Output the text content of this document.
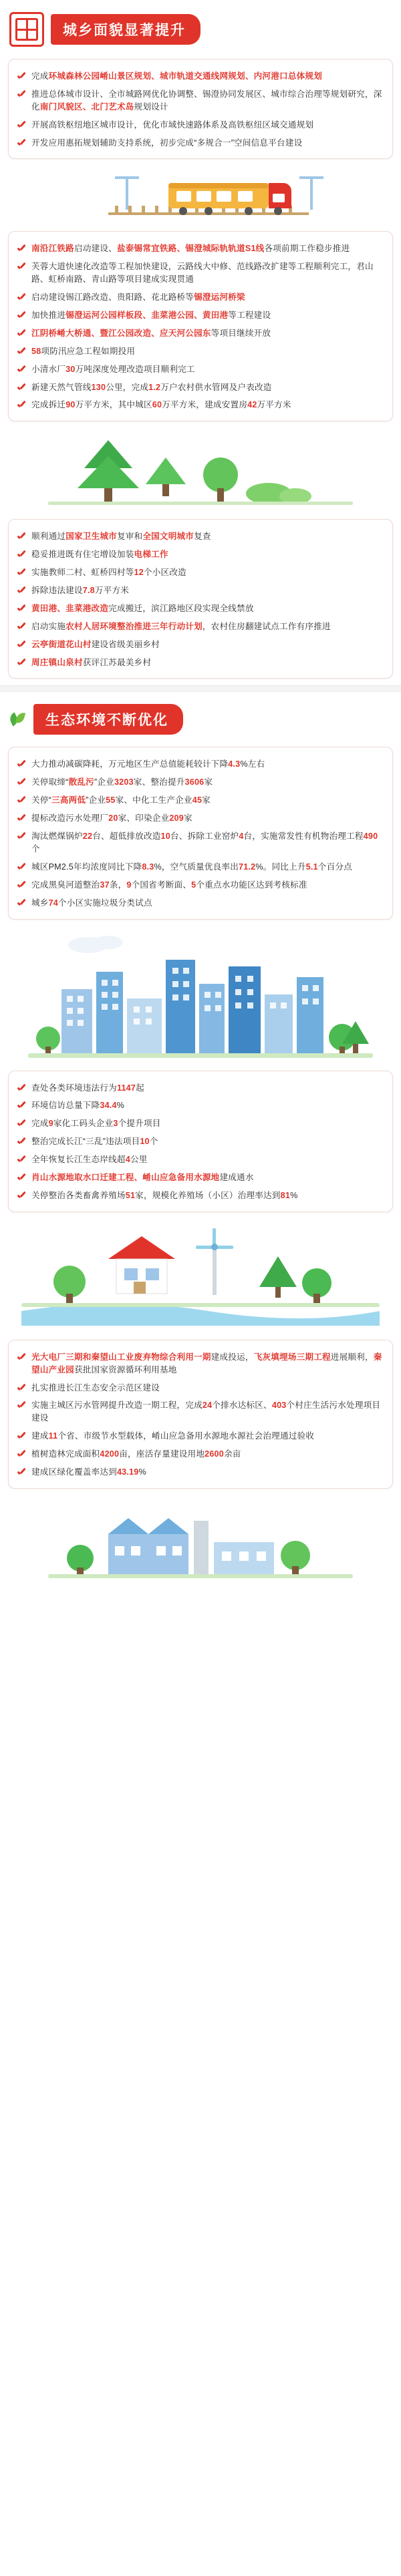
城乡面貌显著提升
完成环城森林公园崤山景区规划、城市轨道交通线网规划、内河港口总体规划
推进总体城市设计、全市城路网优化协调整、锡澄协同发展区、城市综合治理等规划研究，深化南门风貌区、北门艺术岛规划设计
开展高铁枢纽地区城市设计，优化市域快速路体系及高铁枢纽区域交通规划
开发应用惠拓规划辅助支持系统，初步完成“多规合一”空间信息平台建设
南沿江铁路启动建设、盐泰锡常宜铁路、锡澄城际轨轨道S1线各项前期工作稳步推进
芙蓉大道快速化改造等工程加快建设，云路线大中修、范线路改扩建等工程顺利完工，君山路、虹桥南路、青山路等项目建成实现贯通
启动建设锡江路改造、贵阳路、花北路桥等锡澄运河桥梁
加快推进锡澄运河公园样板段、韭菜港公园、黄田港等工程建设
江阴桥崤大桥通、暨江公园改造、应天河公园东等项目继续开放
58项防汛应急工程如期投用
小清水厂30万吨深度处理改造项目顺利完工
新建天然气管线130公里，完成1.2万户农村供水管网及户表改造
完成拆迁90万平方米，其中城区60万平方米，建成安置房42万平方米
顺利通过国家卫生城市复审和全国文明城市复查
稳妥推进既有住宅增设加装电梯工作
实施教师二村、虹桥四村等12个小区改造
拆除违法建设7.8万平方米
黄田港、韭菜港改造完成搬迁，滨江路地区段实现全线禁放
启动实施农村人居环境整治推进三年行动计划，农村住房翻建试点工作有序推进
云亭街道花山村建设省级美丽乡村
周庄镇山泉村获评江苏最美乡村
生态环境不断优化
大力推动减碳降耗，万元地区生产总值能耗较计下降4.3%左右
关停取缔“散乱污”企业3203家、整治提升3606家
关停“三高两低”企业55家、中化工生产企业45家
提标改造污水处理厂20家、印染企业209家
淘汰燃煤锅炉22台、超低排放改造10台、拆除工业窑炉4台，实施常发性有机物治理工程490个
城区PM2.5年均浓度同比下降8.3%，空气质量优良率出71.2%。同比上升5.1个百分点
完成黑臭河道整治37条，9个国省考断面、5个重点水功能区达到考核标准
城乡74个小区实施垃圾分类试点
查处各类环境违法行为1147起
环境信访总量下降34.4%
完成9家化工码头企业3个提升项目
整治完成长江“三乱”违法项目10个
全年恢复长江生态岸线超4公里
肖山水源地取水口迁建工程、崤山应急备用水源地建成通水
关停整治各类畜禽养殖场51家，规模化养殖场（小区）治理率达到81%
光大电厂三期和秦望山工业废弃物综合利用一期建成投运，飞灰填埋场三期工程进展顺利，秦望山产业园获批国家资源循环利用基地
扎实推进长江生态安全示范区建设
实施主城区污水管网提升改造一期工程，完成24个排水达标区、403个村庄生活污水处理项目建设
建成11个省、市级节水型载体，崤山应急备用水源地水源社会治理通过验收
植树造林完成面积4200亩，座活存量建设用地2600余亩
建成区绿化覆盖率达到43.19%
